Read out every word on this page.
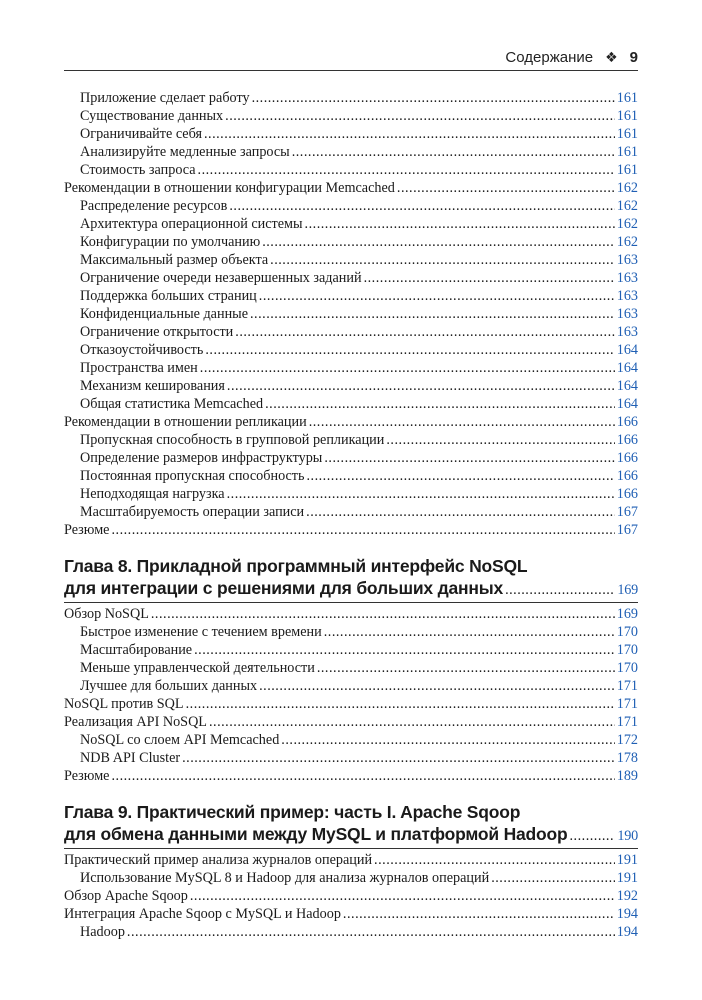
Содержание ❖ 9
Приложение сделает работу .....	161
Существование данных .....	161
Ограничивайте себя .....	161
Анализируйте медленные запросы .....	161
Стоимость запроса .....	161
Рекомендации в отношении конфигурации Memcached .....	162
Распределение ресурсов .....	162
Архитектура операционной системы .....	162
Конфигурации по умолчанию .....	162
Максимальный размер объекта .....	163
Ограничение очереди незавершенных заданий .....	163
Поддержка больших страниц .....	163
Конфиденциальные данные .....	163
Ограничение открытости .....	163
Отказоустойчивость .....	164
Пространства имен .....	164
Механизм кеширования .....	164
Общая статистика Memcached .....	164
Рекомендации в отношении репликации .....	166
Пропускная способность в групповой репликации .....	166
Определение размеров инфраструктуры .....	166
Постоянная пропускная способность .....	166
Неподходящая нагрузка .....	166
Масштабируемость операции записи .....	167
Резюме .....	167
Глава 8. Прикладной программный интерфейс NoSQL
для интеграции с решениями для больших данных .....	169
Обзор NoSQL .....	169
Быстрое изменение с течением времени .....	170
Масштабирование .....	170
Меньше управленческой деятельности .....	170
Лучшее для больших данных .....	171
NoSQL против SQL .....	171
Реализация API NoSQL .....	171
NoSQL со слоем API Memcached .....	172
NDB API Cluster .....	178
Резюме .....	189
Глава 9. Практический пример: часть I. Apache Sqoop
для обмена данными между MySQL и платформой Hadoop .....	190
Практический пример анализа журналов операций .....	191
Использование MySQL 8 и Hadoop для анализа журналов операций .....	191
Обзор Apache Sqoop .....	192
Интеграция Apache Sqoop с MySQL и Hadoop .....	194
Hadoop .....	194
